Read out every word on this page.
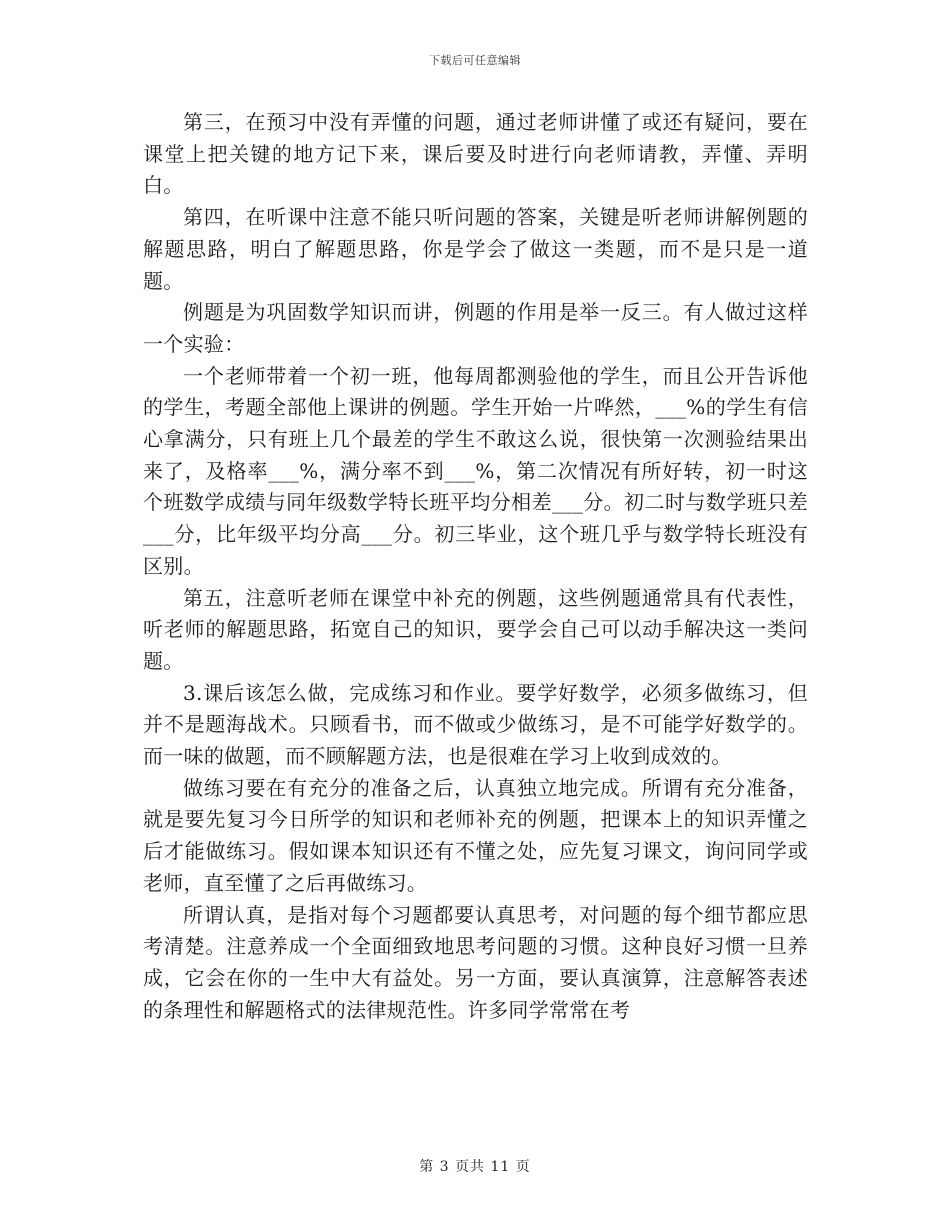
下载后可任意编辑

第三，在预习中没有弄懂的问题，通过老师讲懂了或还有疑问，要在课堂上把关键的地方记下来，课后要及时进行向老师请教，弄懂、弄明白。

第四，在听课中注意不能只听问题的答案，关键是听老师讲解例题的解题思路，明白了解题思路，你是学会了做这一类题，而不是只是一道题。

例题是为巩固数学知识而讲，例题的作用是举一反三。有人做过这样一个实验：

一个老师带着一个初一班，他每周都测验他的学生，而且公开告诉他的学生，考题全部他上课讲的例题。学生开始一片哗然，___%的学生有信心拿满分，只有班上几个最差的学生不敢这么说，很快第一次测验结果出来了，及格率___%，满分率不到___%，第二次情况有所好转，初一时这个班数学成绩与同年级数学特长班平均分相差___分。初二时与数学班只差___分，比年级平均分高___分。初三毕业，这个班几乎与数学特长班没有区别。

第五，注意听老师在课堂中补充的例题，这些例题通常具有代表性，听老师的解题思路，拓宽自己的知识，要学会自己可以动手解决这一类问题。

3.课后该怎么做，完成练习和作业。要学好数学，必须多做练习，但并不是题海战术。只顾看书，而不做或少做练习，是不可能学好数学的。而一味的做题，而不顾解题方法，也是很难在学习上收到成效的。

做练习要在有充分的准备之后，认真独立地完成。所谓有充分准备，就是要先复习今日所学的知识和老师补充的例题，把课本上的知识弄懂之后才能做练习。假如课本知识还有不懂之处，应先复习课文，询问同学或老师，直至懂了之后再做练习。

所谓认真，是指对每个习题都要认真思考，对问题的每个细节都应思考清楚。注意养成一个全面细致地思考问题的习惯。这种良好习惯一旦养成，它会在你的一生中大有益处。另一方面，要认真演算，注意解答表述的条理性和解题格式的法律规范性。许多同学常常在考

第 3 页共 11 页
